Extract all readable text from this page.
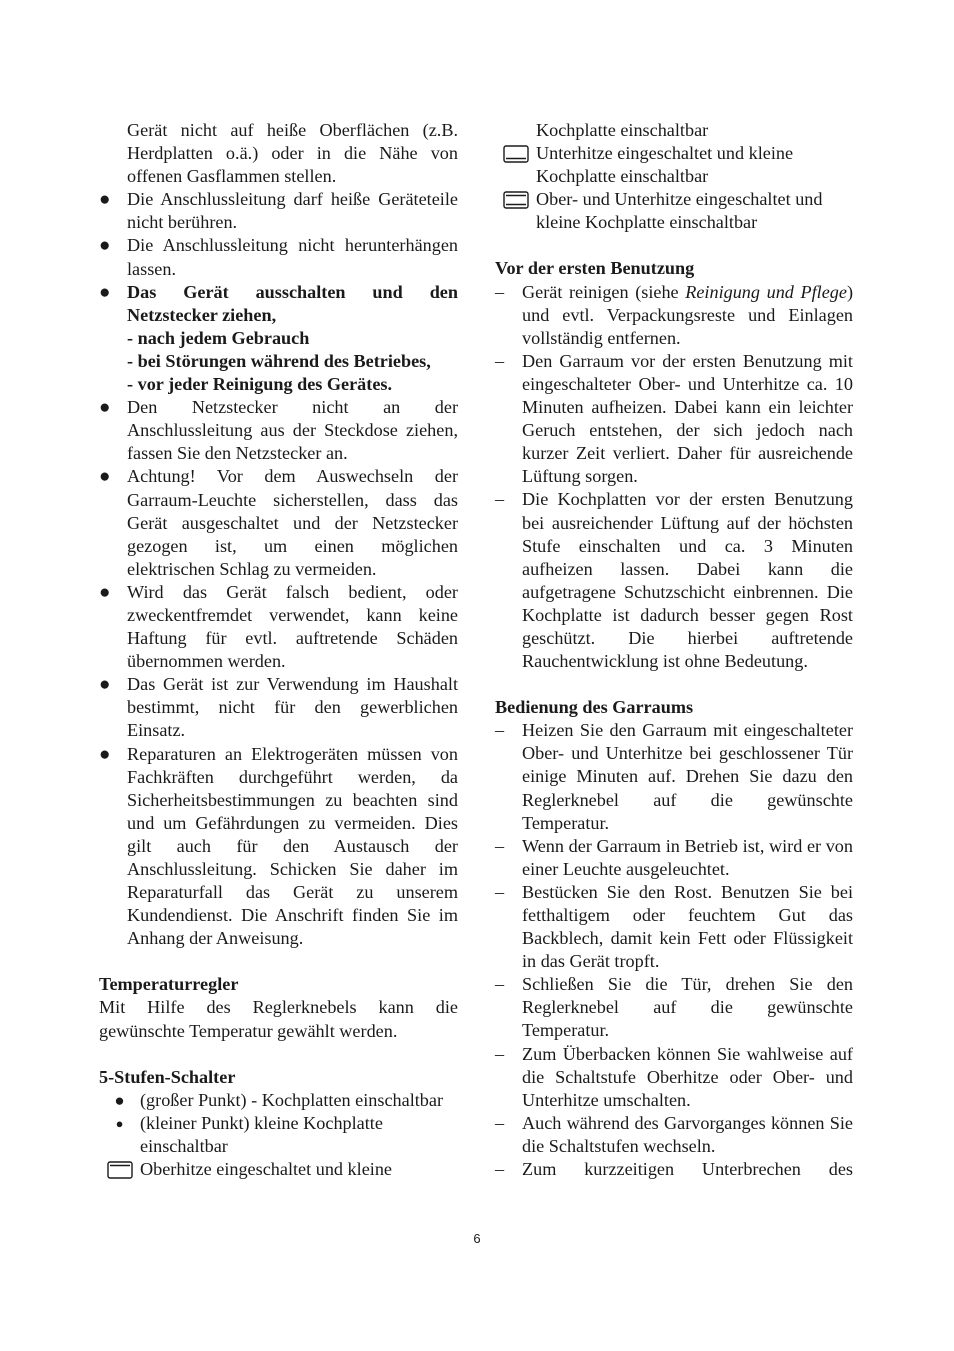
Gerät nicht auf heiße Oberflächen (z.B. Herdplatten o.ä.) oder in die Nähe von offenen Gasflammen stellen.
● Die Anschlussleitung darf heiße Geräteteile nicht berühren.
● Die Anschlussleitung nicht herunterhängen lassen.
● Das Gerät ausschalten und den Netzstecker ziehen,
- nach jedem Gebrauch
- bei Störungen während des Betriebes,
- vor jeder Reinigung des Gerätes.
● Den Netzstecker nicht an der Anschlussleitung aus der Steckdose ziehen, fassen Sie den Netzstecker an.
● Achtung! Vor dem Auswechseln der Garraum-Leuchte sicherstellen, dass das Gerät ausgeschaltet und der Netzstecker gezogen ist, um einen möglichen elektrischen Schlag zu vermeiden.
● Wird das Gerät falsch bedient, oder zweckentfremdet verwendet, kann keine Haftung für evtl. auftretende Schäden übernommen werden.
● Das Gerät ist zur Verwendung im Haushalt bestimmt, nicht für den gewerblichen Einsatz.
● Reparaturen an Elektrogeräten müssen von Fachkräften durchgeführt werden, da Sicherheitsbestimmungen zu beachten sind und um Gefährdungen zu vermeiden. Dies gilt auch für den Austausch der Anschlussleitung. Schicken Sie daher im Reparaturfall das Gerät zu unserem Kundendienst. Die Anschrift finden Sie im Anhang der Anweisung.
Temperaturregler
Mit Hilfe des Reglerknebels kann die gewünschte Temperatur gewählt werden.
5-Stufen-Schalter
● (großer Punkt) - Kochplatten einschaltbar
● (kleiner Punkt) kleine Kochplatte einschaltbar
Oberhitze eingeschaltet und kleine
Kochplatte einschaltbar
Unterhitze eingeschaltet und kleine Kochplatte einschaltbar
Ober- und Unterhitze eingeschaltet und kleine Kochplatte einschaltbar
Vor der ersten Benutzung
– Gerät reinigen (siehe Reinigung und Pflege) und evtl. Verpackungsreste und Einlagen vollständig entfernen.
– Den Garraum vor der ersten Benutzung mit eingeschalteter Ober- und Unterhitze ca. 10 Minuten aufheizen. Dabei kann ein leichter Geruch entstehen, der sich jedoch nach kurzer Zeit verliert. Daher für ausreichende Lüftung sorgen.
– Die Kochplatten vor der ersten Benutzung bei ausreichender Lüftung auf der höchsten Stufe einschalten und ca. 3 Minuten aufheizen lassen. Dabei kann die aufgetragene Schutzschicht einbrennen. Die Kochplatte ist dadurch besser gegen Rost geschützt. Die hierbei auftretende Rauchentwicklung ist ohne Bedeutung.
Bedienung des Garraums
– Heizen Sie den Garraum mit eingeschalteter Ober- und Unterhitze bei geschlossener Tür einige Minuten auf. Drehen Sie dazu den Reglerknebel auf die gewünschte Temperatur.
– Wenn der Garraum in Betrieb ist, wird er von einer Leuchte ausgeleuchtet.
– Bestücken Sie den Rost. Benutzen Sie bei fetthaltigem oder feuchtem Gut das Backblech, damit kein Fett oder Flüssigkeit in das Gerät tropft.
– Schließen Sie die Tür, drehen Sie den Reglerknebel auf die gewünschte Temperatur.
– Zum Überbacken können Sie wahlweise auf die Schaltstufe Oberhitze oder Ober- und Unterhitze umschalten.
– Auch während des Garvorganges können Sie die Schaltstufen wechseln.
– Zum kurzzeitigen Unterbrechen des
6
